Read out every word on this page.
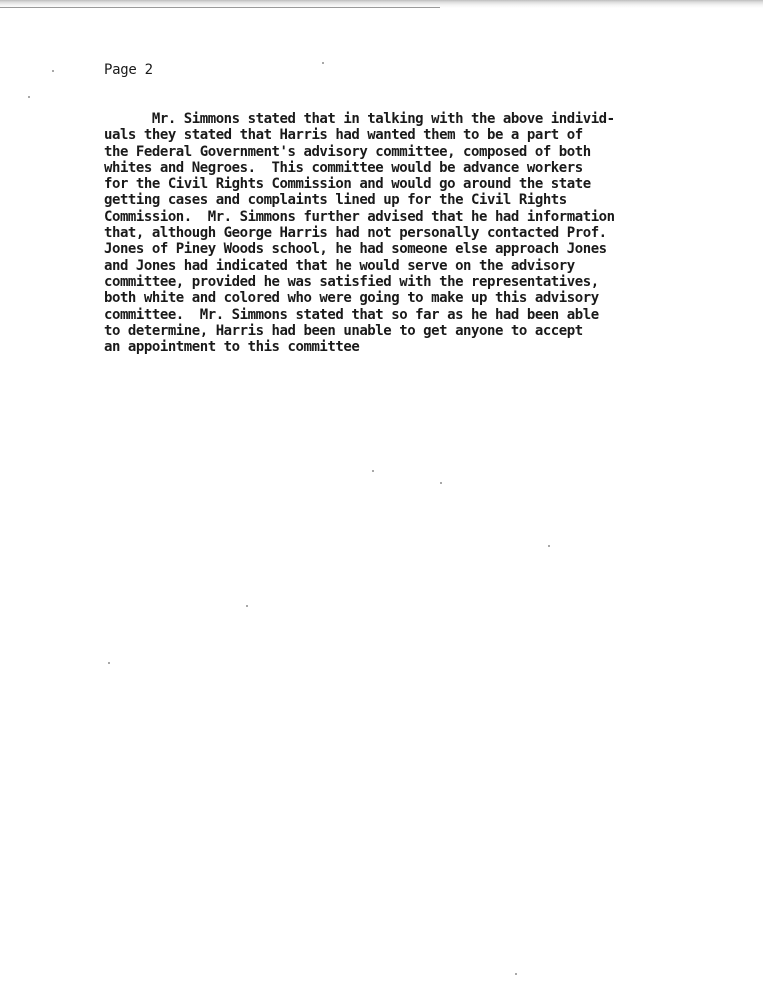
Page 2
Mr. Simmons stated that in talking with the above individ-
uals they stated that Harris had wanted them to be a part of
the Federal Government's advisory committee, composed of both
whites and Negroes.  This committee would be advance workers
for the Civil Rights Commission and would go around the state
getting cases and complaints lined up for the Civil Rights
Commission.  Mr. Simmons further advised that he had information
that, although George Harris had not personally contacted Prof.
Jones of Piney Woods school, he had someone else approach Jones
and Jones had indicated that he would serve on the advisory
committee, provided he was satisfied with the representatives,
both white and colored who were going to make up this advisory
committee.  Mr. Simmons stated that so far as he had been able
to determine, Harris had been unable to get anyone to accept
an appointment to this committee
